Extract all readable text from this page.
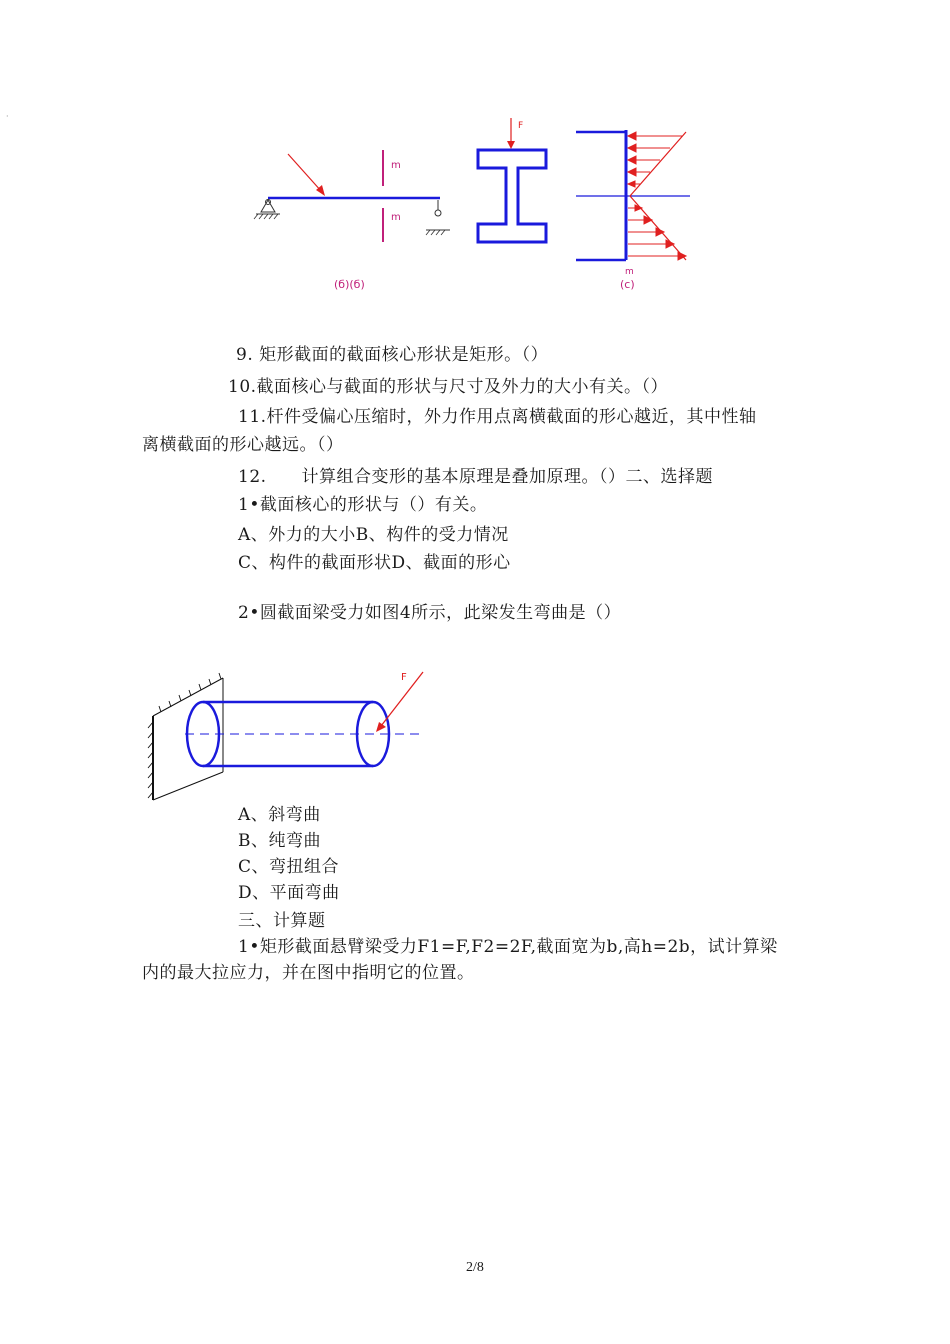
·
m
m
F
m
(б)(б)	(c)
9. 矩形截面的截面核心形状是矩形。（）
10.截面核心与截面的形状与尺寸及外力的大小有关。（）
11.杆件受偏心压缩时，外力作用点离横截面的形心越近，其中性轴
离横截面的形心越远。（）
12.　　计算组合变形的基本原理是叠加原理。（）二、选择题
1•截面核心的形状与（）有关。
A、外力的大小B、构件的受力情况
C、构件的截面形状D、截面的形心
2•圆截面梁受力如图4所示，此梁发生弯曲是（）
F
A、斜弯曲
B、纯弯曲
C、弯扭组合
D、平面弯曲
三、计算题
1•矩形截面悬臂梁受力F1=F,F2=2F,截面宽为b,高h=2b，试计算梁
内的最大拉应力，并在图中指明它的位置。
2/8
